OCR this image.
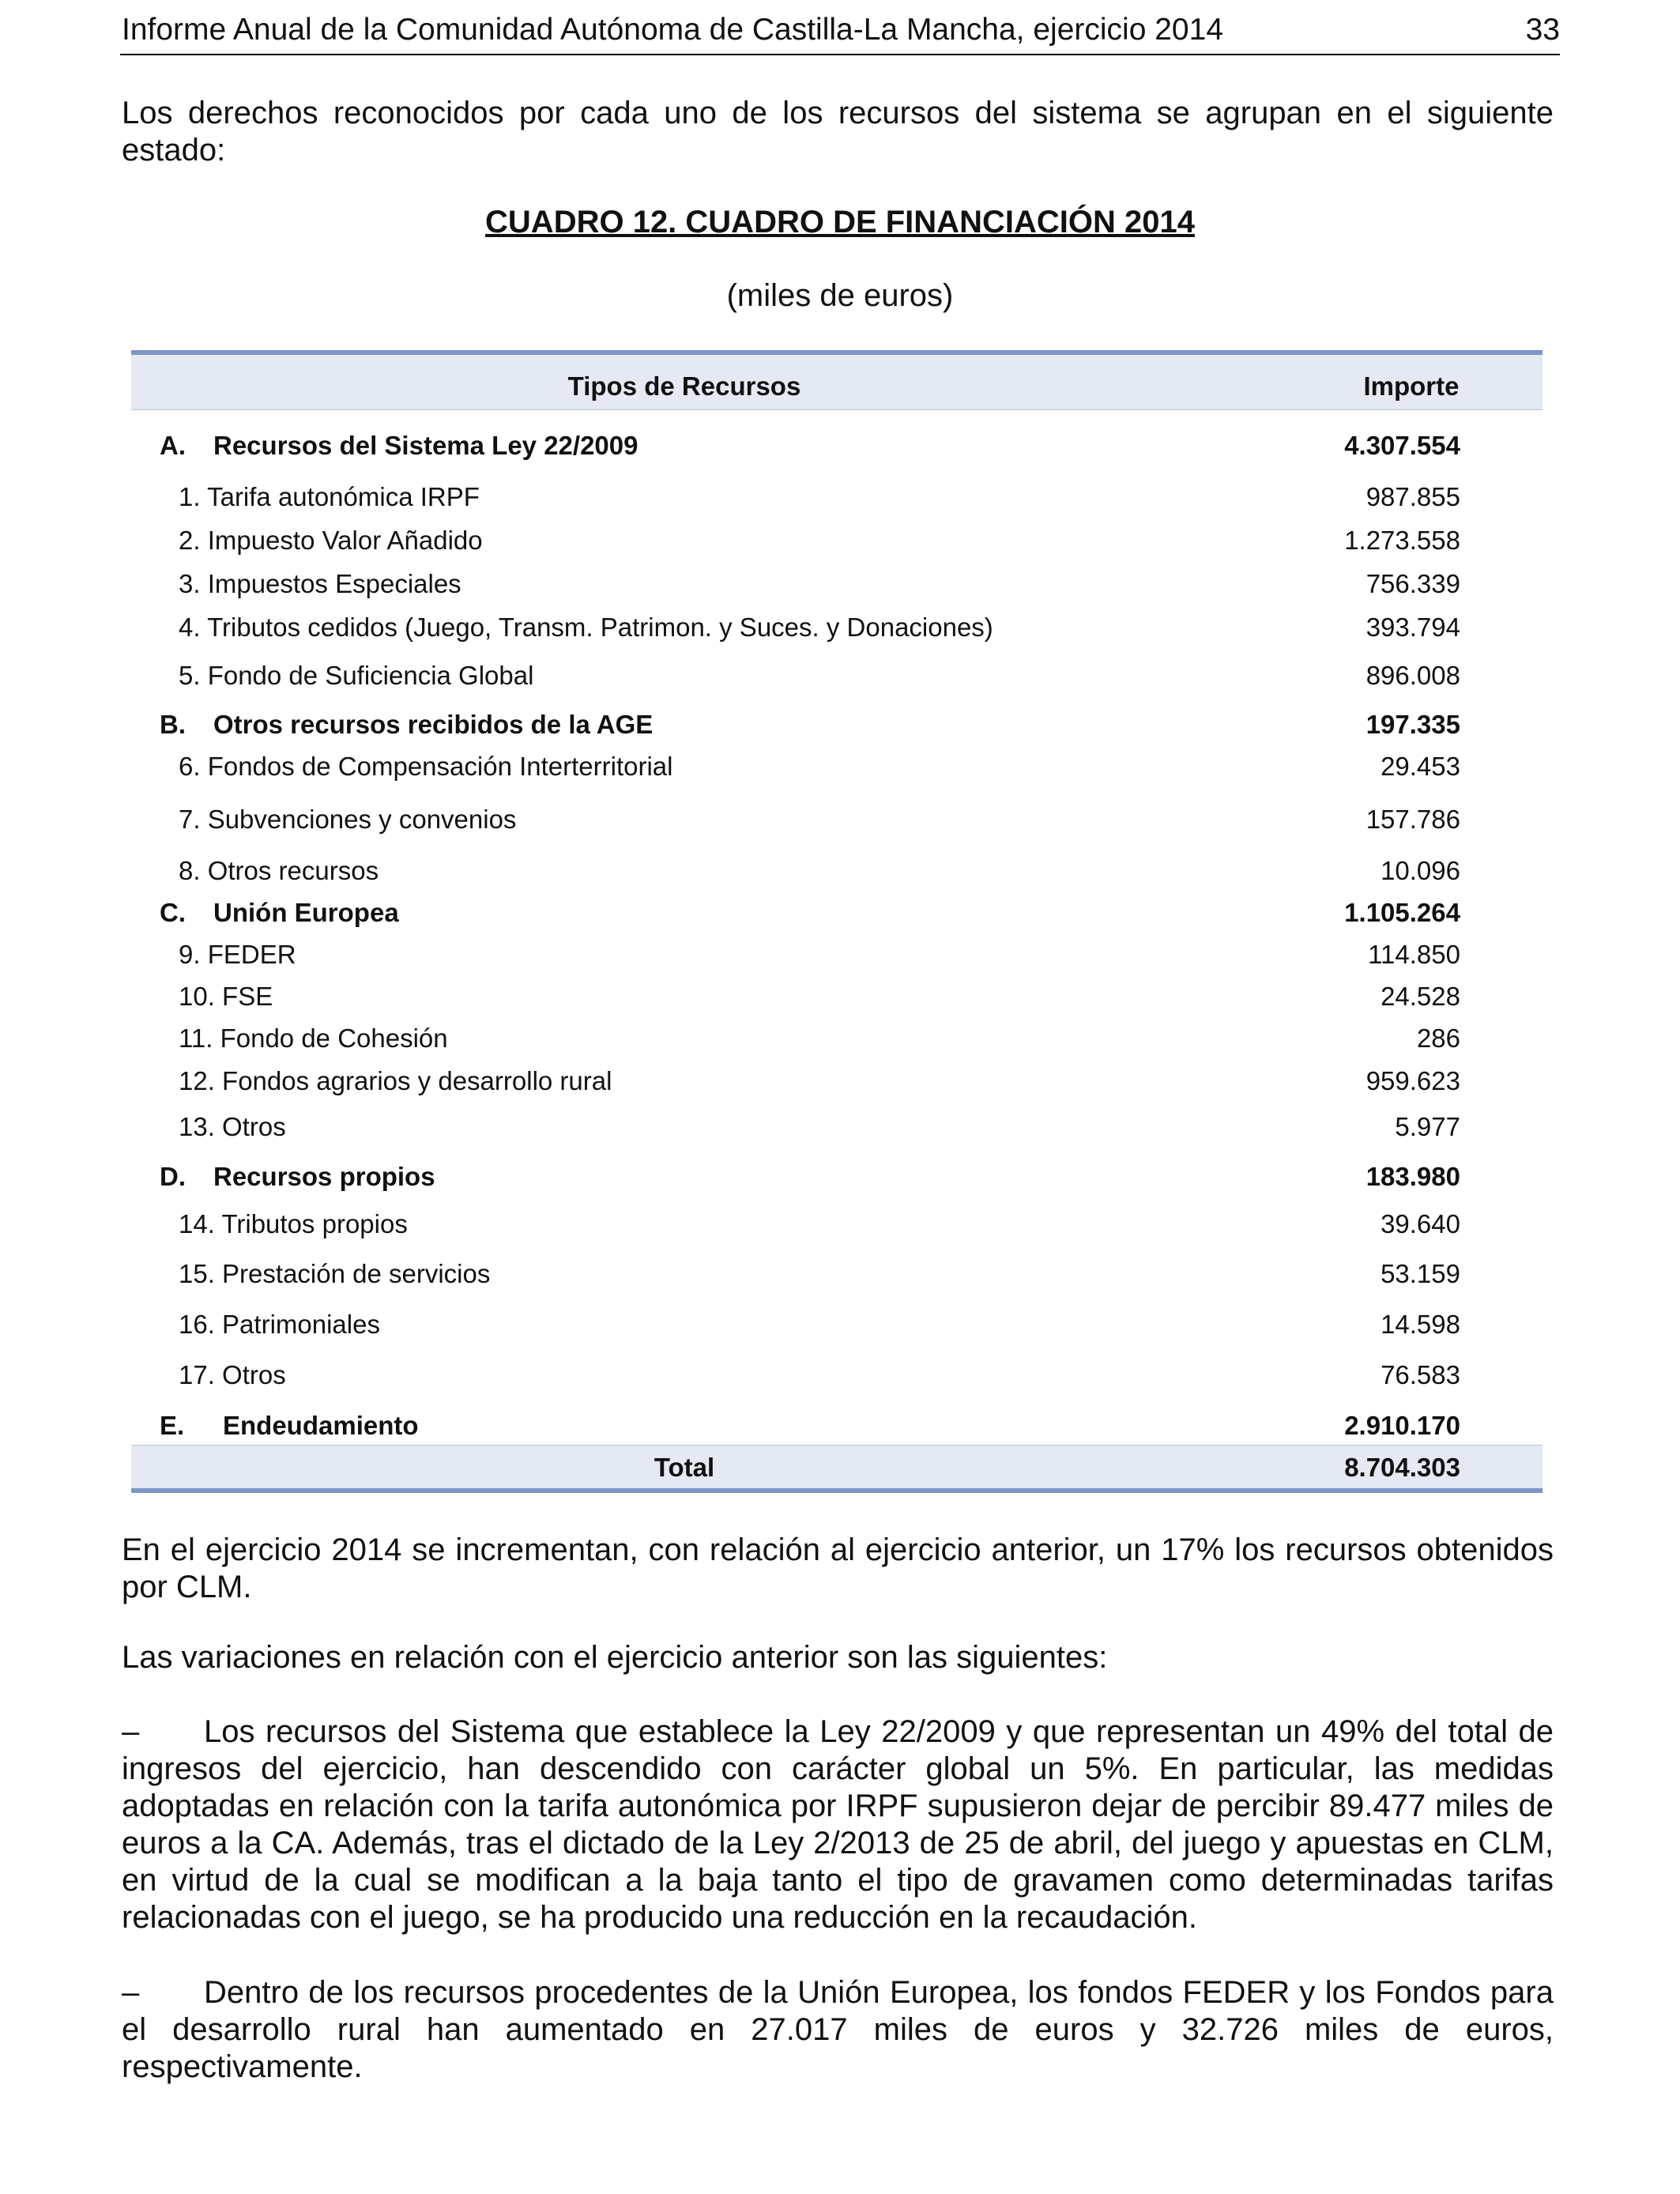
Informe Anual de la Comunidad Autónoma de Castilla-La Mancha, ejercicio 2014	33

Los derechos reconocidos por cada uno de los recursos del sistema se agrupan en el siguiente estado:

CUADRO 12. CUADRO DE FINANCIACIÓN 2014
(miles de euros)
Tipos de Recursos	Importe
A. Recursos del Sistema Ley 22/2009	4.307.554
1. Tarifa autonómica IRPF	987.855
2. Impuesto Valor Añadido	1.273.558
3. Impuestos Especiales	756.339
4. Tributos cedidos (Juego, Transm. Patrimon. y Suces. y Donaciones)	393.794
5. Fondo de Suficiencia Global	896.008
B. Otros recursos recibidos de la AGE	197.335
6. Fondos de Compensación Interterritorial	29.453
7. Subvenciones y convenios	157.786
8. Otros recursos	10.096
C. Unión Europea	1.105.264
9. FEDER	114.850
10. FSE	24.528
11. Fondo de Cohesión	286
12. Fondos agrarios y desarrollo rural	959.623
13. Otros	5.977
D. Recursos propios	183.980
14. Tributos propios	39.640
15. Prestación de servicios	53.159
16. Patrimoniales	14.598
17. Otros	76.583
E. Endeudamiento	2.910.170
Total	8.704.303

En el ejercicio 2014 se incrementan, con relación al ejercicio anterior, un 17% los recursos obtenidos por CLM.

Las variaciones en relación con el ejercicio anterior son las siguientes:

– Los recursos del Sistema que establece la Ley 22/2009 y que representan un 49% del total de ingresos del ejercicio, han descendido con carácter global un 5%. En particular, las medidas adoptadas en relación con la tarifa autonómica por IRPF supusieron dejar de percibir 89.477 miles de euros a la CA. Además, tras el dictado de la Ley 2/2013 de 25 de abril, del juego y apuestas en CLM, en virtud de la cual se modifican a la baja tanto el tipo de gravamen como determinadas tarifas relacionadas con el juego, se ha producido una reducción en la recaudación.

– Dentro de los recursos procedentes de la Unión Europea, los fondos FEDER y los Fondos para el desarrollo rural han aumentado en 27.017 miles de euros y 32.726 miles de euros, respectivamente.
